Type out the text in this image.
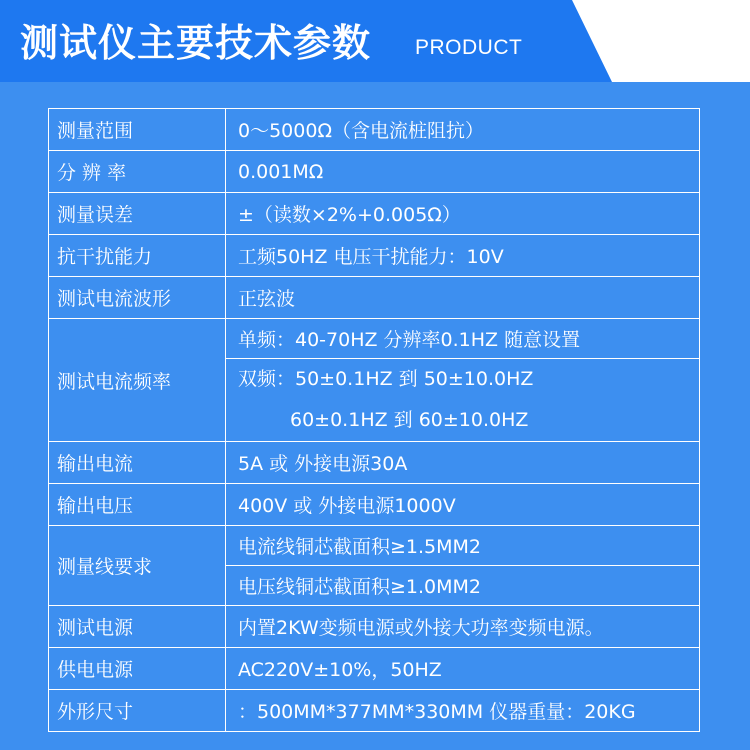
测试仪主要技术参数 PRODUCT
测量范围	0～5000Ω（含电流桩阻抗）
分 辨 率	0.001MΩ
测量误差	±（读数×2%+0.005Ω）
抗干扰能力	工频50HZ 电压干扰能力：10V
测试电流波形	正弦波
测试电流频率	单频：40-70HZ 分辨率0.1HZ 随意设置

	双频：50±0.1HZ 到 50±10.0HZ
60±0.1HZ 到 60±10.0HZ

输出电流	5A 或 外接电源30A
输出电压	400V 或 外接电源1000V
测量线要求	电流线铜芯截面积≥1.5MM2
	电压线铜芯截面积≥1.0MM2
测试电源	内置2KW变频电源或外接大功率变频电源。
供电电源	AC220V±10%，50HZ
外形尺寸	：500MM*377MM*330MM 仪器重量：20KG
